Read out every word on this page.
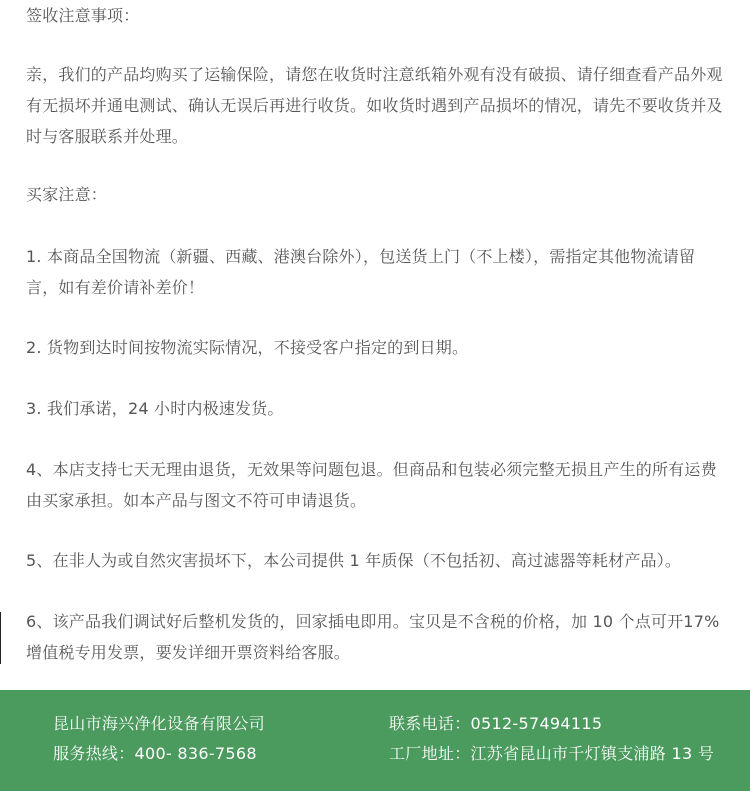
签收注意事项：
亲，我们的产品均购买了运输保险，请您在收货时注意纸箱外观有没有破损、请仔细查看产品外观有无损坏并通电测试、确认无误后再进行收货。如收货时遇到产品损坏的情况，请先不要收货并及时与客服联系并处理。
买家注意：
1. 本商品全国物流（新疆、西藏、港澳台除外），包送货上门（不上楼），需指定其他物流请留言，如有差价请补差价！
2. 货物到达时间按物流实际情况，不接受客户指定的到日期。
3. 我们承诺，24 小时内极速发货。
4、本店支持七天无理由退货，无效果等问题包退。但商品和包装必须完整无损且产生的所有运费由买家承担。如本产品与图文不符可申请退货。
5、在非人为或自然灾害损坏下，本公司提供 1 年质保（不包括初、高过滤器等耗材产品）。
6、该产品我们调试好后整机发货的，回家插电即用。宝贝是不含税的价格，加 10 个点可开17% 增值税专用发票，要发详细开票资料给客服。
昆山市海兴净化设备有限公司	联系电话：0512-57494115
服务热线：400- 836-7568	工厂地址：江苏省昆山市千灯镇支浦路 13 号
